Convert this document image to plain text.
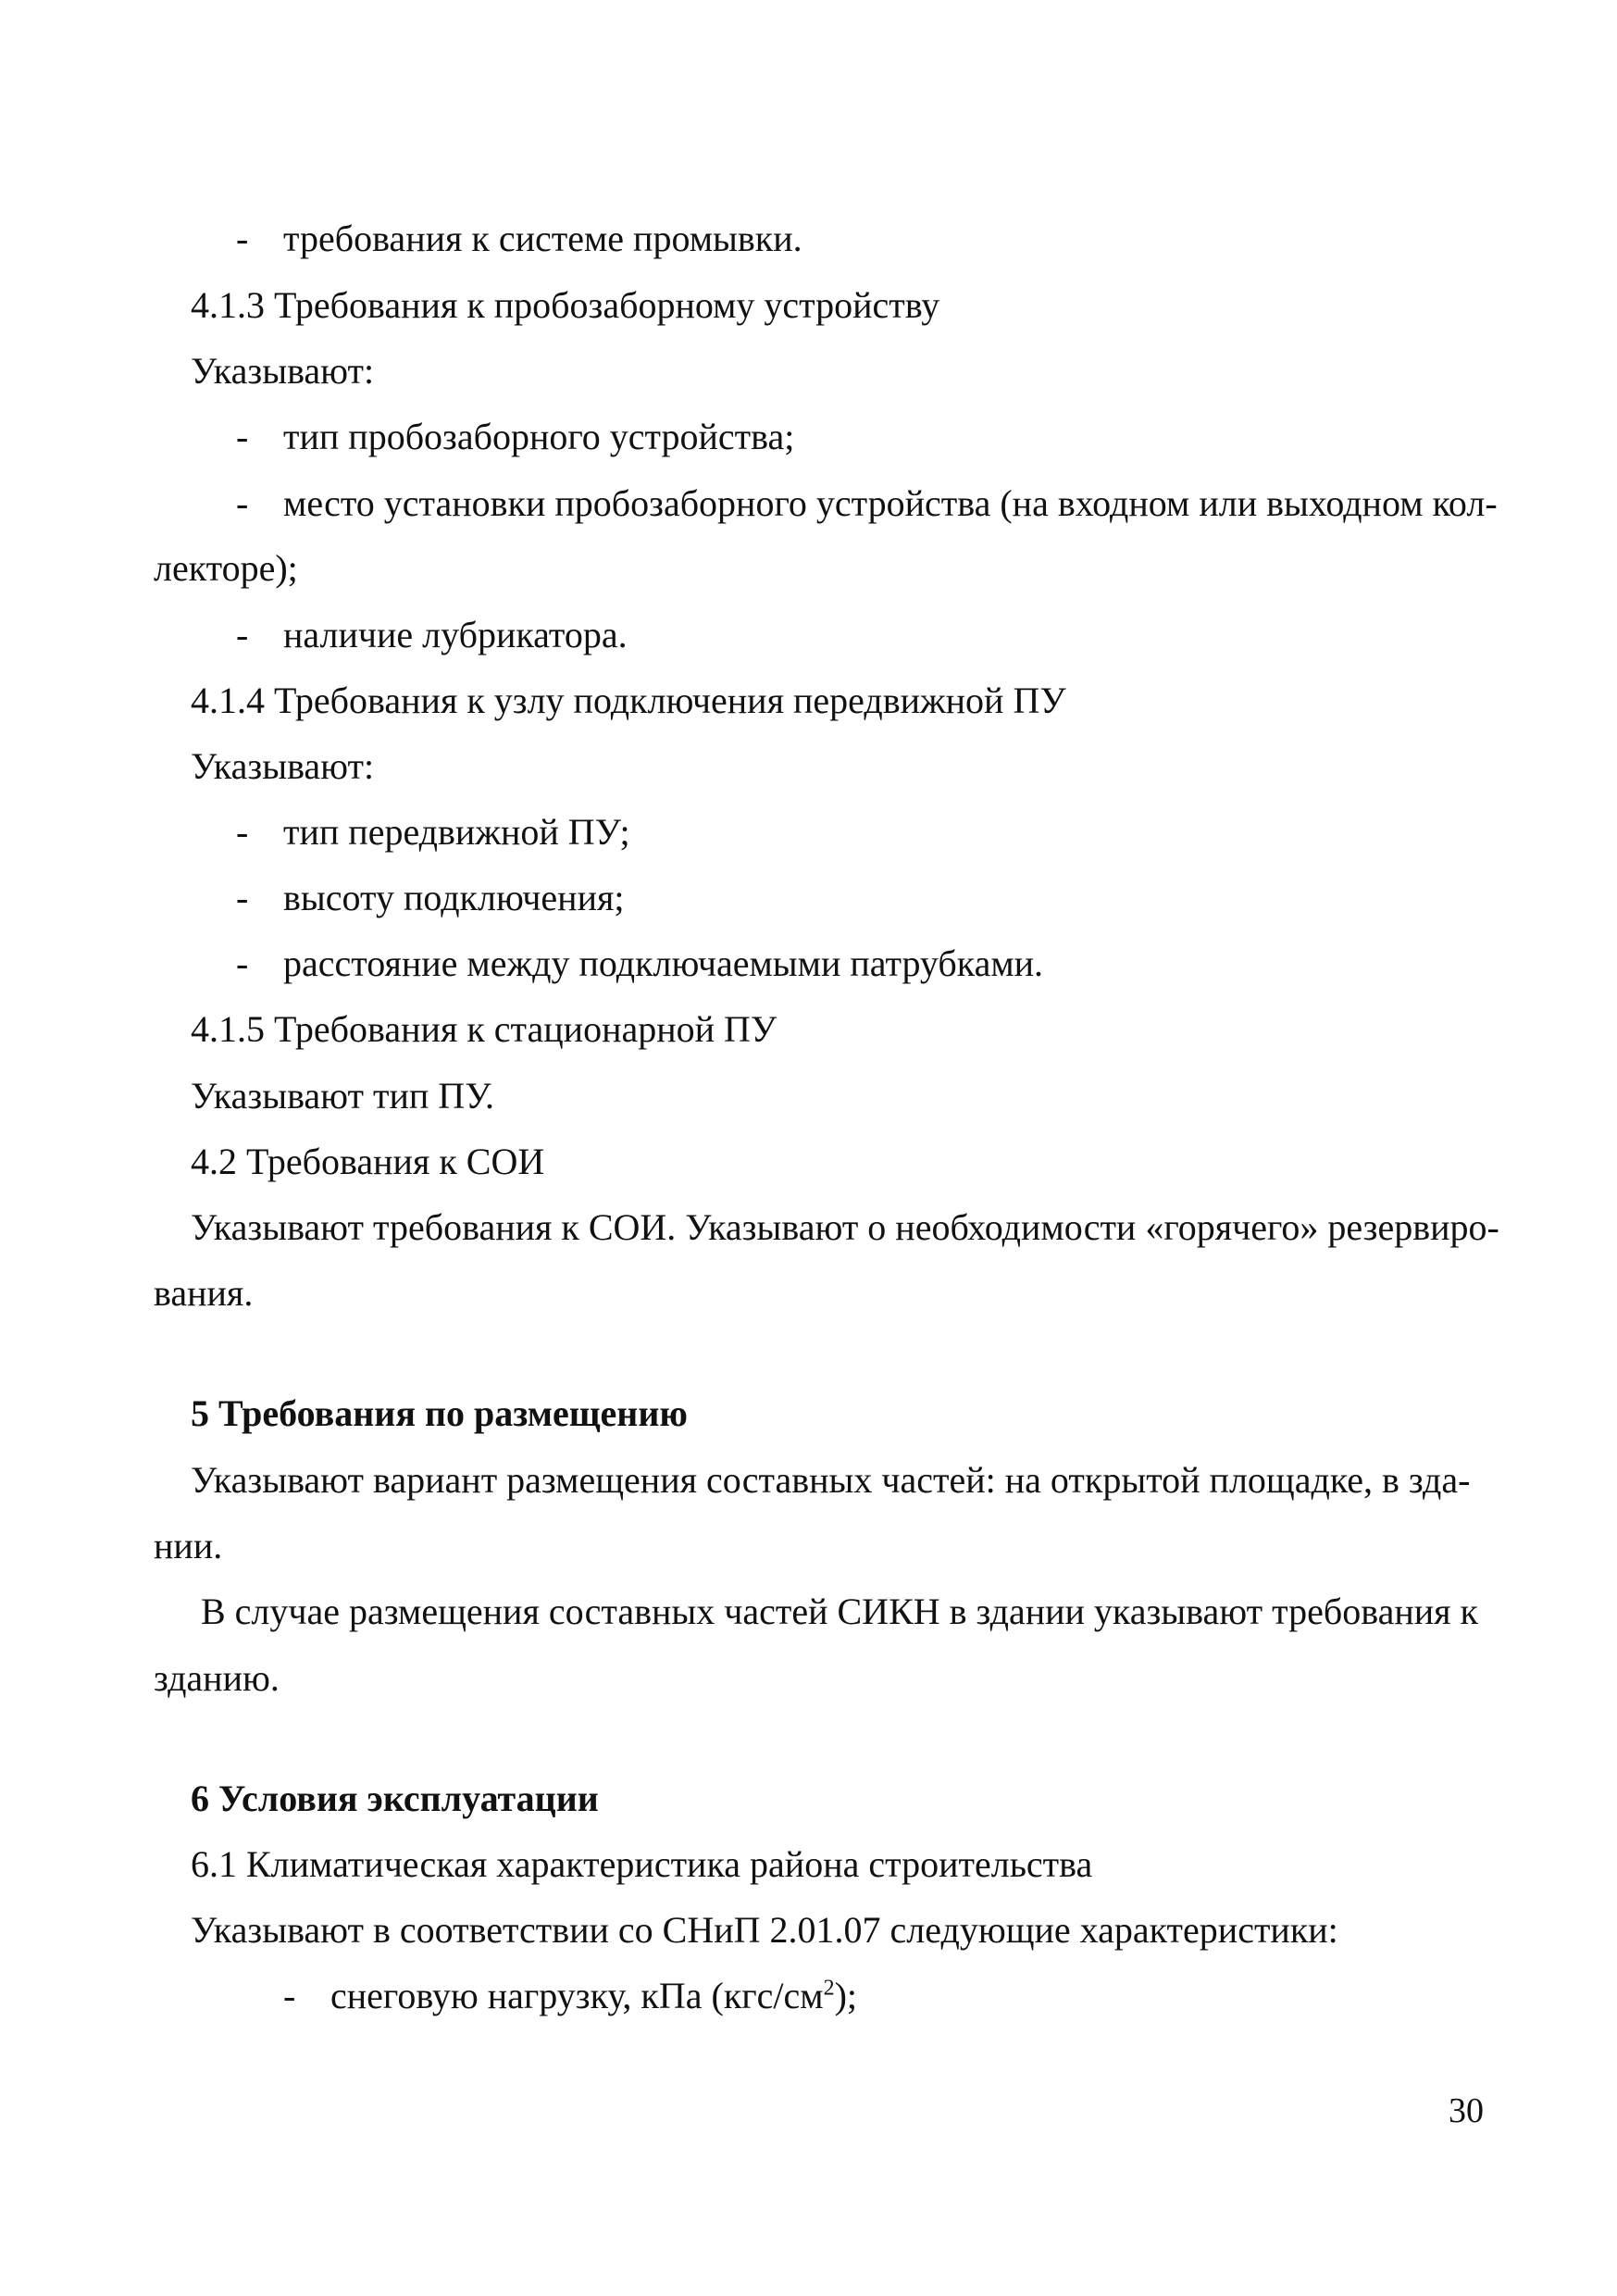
- требования к системе промывки.
4.1.3 Требования к пробозаборному устройству
Указывают:
- тип пробозаборного устройства;
- место установки пробозаборного устройства (на входном или выходном кол-
лекторе);
- наличие лубрикатора.
4.1.4 Требования к узлу подключения передвижной ПУ
Указывают:
- тип передвижной ПУ;
- высоту подключения;
- расстояние между подключаемыми патрубками.
4.1.5 Требования к стационарной ПУ
Указывают тип ПУ.
4.2 Требования к СОИ
Указывают требования к СОИ. Указывают о необходимости «горячего» резервиро-
вания.
5 Требования по размещению
Указывают вариант размещения составных частей: на открытой площадке, в зда-
нии.
В случае размещения составных частей СИКН в здании указывают требования к
зданию.
6 Условия эксплуатации
6.1 Климатическая характеристика района строительства
Указывают в соответствии со СНиП 2.01.07 следующие характеристики:
- снеговую нагрузку, кПа $(кгс/см^2)$;
30
